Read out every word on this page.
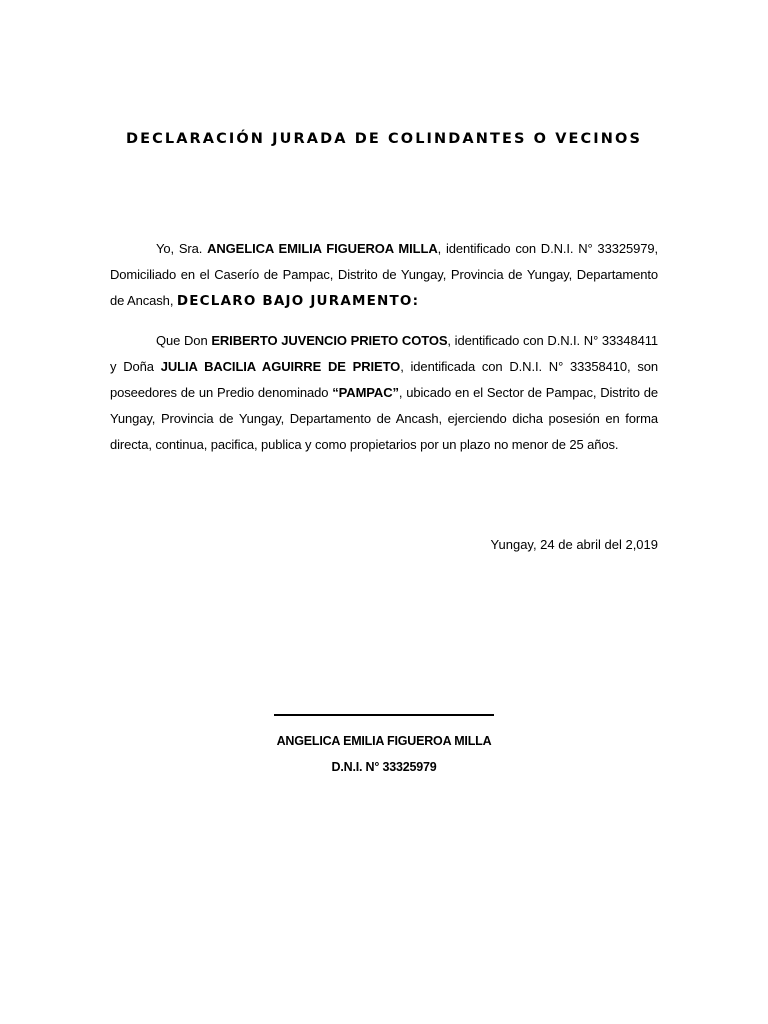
DECLARACIÓN JURADA DE COLINDANTES O VECINOS
Yo, Sra. ANGELICA EMILIA FIGUEROA MILLA, identificado con D.N.I. N° 33325979, Domiciliado en el Caserío de Pampac, Distrito de Yungay, Provincia de Yungay, Departamento de Ancash, DECLARO BAJO JURAMENTO:
Que Don ERIBERTO JUVENCIO PRIETO COTOS, identificado con D.N.I. N° 33348411 y Doña JULIA BACILIA AGUIRRE DE PRIETO, identificada con D.N.I. N° 33358410, son poseedores de un Predio denominado “PAMPAC”, ubicado en el Sector de Pampac, Distrito de Yungay, Provincia de Yungay, Departamento de Ancash, ejerciendo dicha posesión en forma directa, continua, pacifica, publica y como propietarios por un plazo no menor de 25 años.
Yungay, 24 de abril del 2,019
ANGELICA EMILIA FIGUEROA MILLA
D.N.I. N° 33325979
